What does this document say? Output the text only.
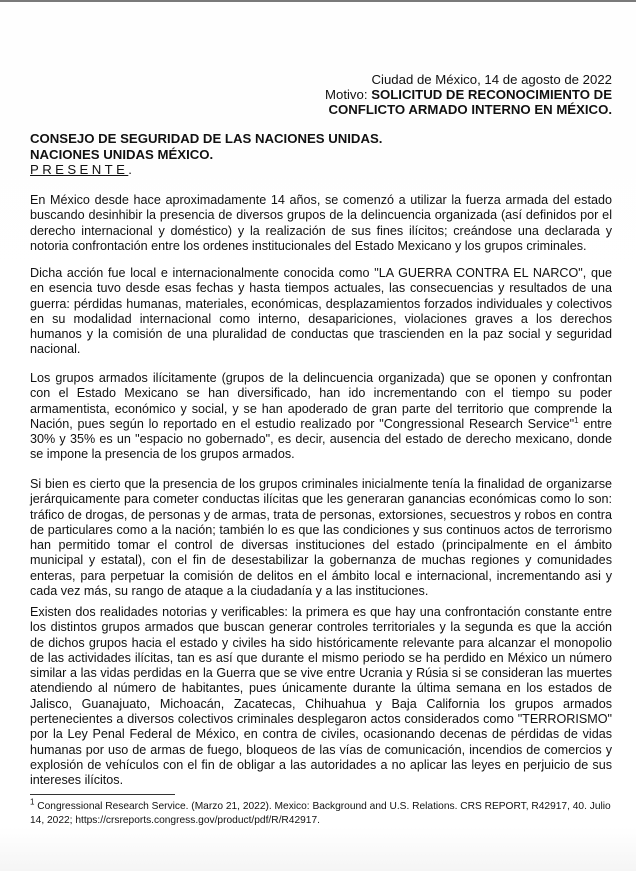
Ciudad de México, 14 de agosto de 2022
Motivo: SOLICITUD DE RECONOCIMIENTO DE
CONFLICTO ARMADO INTERNO EN MÉXICO.
CONSEJO DE SEGURIDAD DE LAS NACIONES UNIDAS.
NACIONES UNIDAS MÉXICO.
PRESENTE.

En México desde hace aproximadamente 14 años, se comenzó a utilizar la fuerza armada del estado buscando desinhibir la presencia de diversos grupos de la delincuencia organizada (así definidos por el derecho internacional y doméstico) y la realización de sus fines ilícitos; creándose una declarada y notoria confrontación entre los ordenes institucionales del Estado Mexicano y los grupos criminales.

Dicha acción fue local e internacionalmente conocida como "LA GUERRA CONTRA EL NARCO", que en esencia tuvo desde esas fechas y hasta tiempos actuales, las consecuencias y resultados de una guerra: pérdidas humanas, materiales, económicas, desplazamientos forzados individuales y colectivos en su modalidad internacional como interno, desapariciones, violaciones graves a los derechos humanos y la comisión de una pluralidad de conductas que trascienden en la paz social y seguridad nacional.

Los grupos armados ilícitamente (grupos de la delincuencia organizada) que se oponen y confrontan con el Estado Mexicano se han diversificado, han ido incrementando con el tiempo su poder armamentista, económico y social, y se han apoderado de gran parte del territorio que comprende la Nación, pues según lo reportado en el estudio realizado por "Congressional Research Service"$^1$ entre 30% y 35% es un "espacio no gobernado", es decir, ausencia del estado de derecho mexicano, donde se impone la presencia de los grupos armados.

Si bien es cierto que la presencia de los grupos criminales inicialmente tenía la finalidad de organizarse jerárquicamente para cometer conductas ilícitas que les generaran ganancias económicas como lo son: tráfico de drogas, de personas y de armas, trata de personas, extorsiones, secuestros y robos en contra de particulares como a la nación; también lo es que las condiciones y sus continuos actos de terrorismo han permitido tomar el control de diversas instituciones del estado (principalmente en el ámbito municipal y estatal), con el fin de desestabilizar la gobernanza de muchas regiones y comunidades enteras, para perpetuar la comisión de delitos en el ámbito local e internacional, incrementando asi y cada vez más, su rango de ataque a la ciudadanía y a las instituciones.

Existen dos realidades notorias y verificables: la primera es que hay una confrontación constante entre los distintos grupos armados que buscan generar controles territoriales y la segunda es que la acción de dichos grupos hacia el estado y civiles ha sido históricamente relevante para alcanzar el monopolio de las actividades ilícitas, tan es así que durante el mismo periodo se ha perdido en México un número similar a las vidas perdidas en la Guerra que se vive entre Ucrania y Rúsia si se consideran las muertes atendiendo al número de habitantes, pues únicamente durante la última semana en los estados de Jalisco, Guanajuato, Michoacán, Zacatecas, Chihuahua y Baja California los grupos armados pertenecientes a diversos colectivos criminales desplegaron actos considerados como "TERRORISMO" por la Ley Penal Federal de México, en contra de civiles, ocasionando decenas de pérdidas de vidas humanas por uso de armas de fuego, bloqueos de las vías de comunicación, incendios de comercios y explosión de vehículos con el fin de obligar a las autoridades a no aplicar las leyes en perjuicio de sus intereses ilícitos.

$^1$ Congressional Research Service. (Marzo 21, 2022). Mexico: Background and U.S. Relations. CRS REPORT, R42917, 40. Julio 14, 2022; https://crsreports.congress.gov/product/pdf/R/R42917.
